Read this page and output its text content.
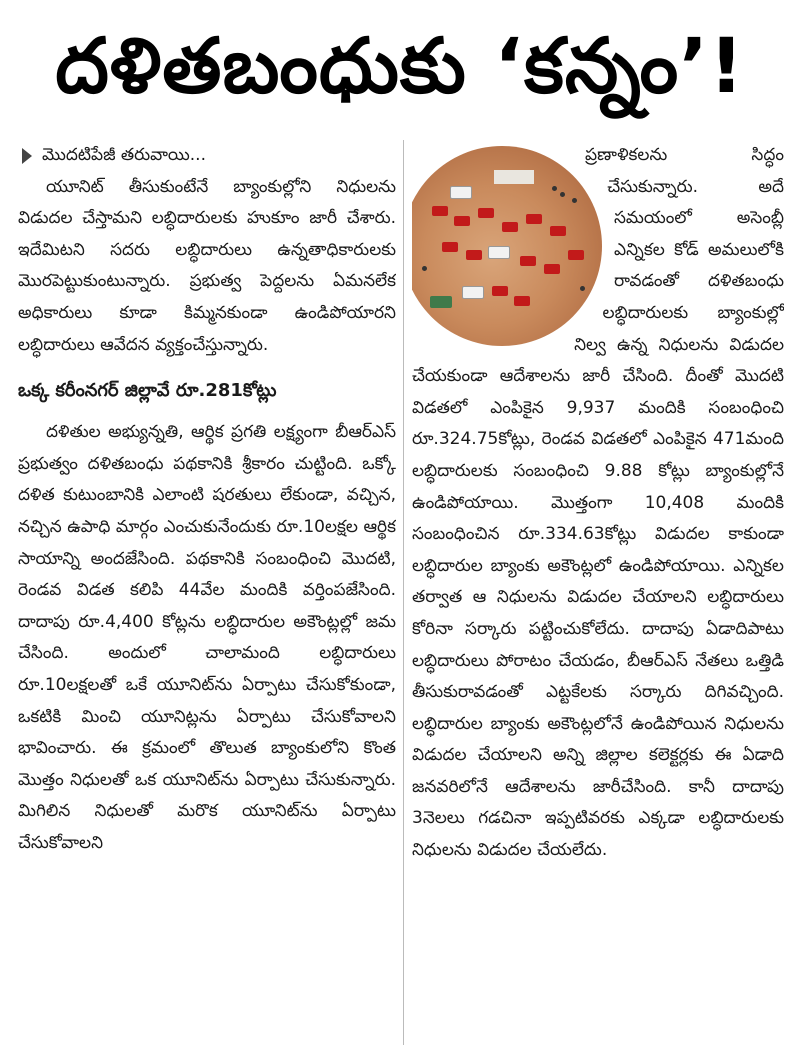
దళితబంధుకు ‘కన్నం’!
మొదటిపేజీ తరువాయి...

యూనిట్ తీసుకుంటేనే బ్యాంకుల్లోని నిధులను విడుదల చేస్తామని లబ్ధిదారులకు హుకూం జారీ చేశారు. ఇదేమిటని సదరు లబ్ధిదారులు ఉన్నతాధికారులకు మొరపెట్టుకుంటున్నారు. ప్రభుత్వ పెద్దలను ఏమనలేక అధికారులు కూడా కిమ్మనకుండా ఉండిపోయారని లబ్ధిదారులు ఆవేదన వ్యక్తంచేస్తున్నారు.

ఒక్క కరీంనగర్ జిల్లావే రూ.281కోట్లు

దళితుల అభ్యున్నతి, ఆర్థిక ప్రగతి లక్ష్యంగా బీఆర్ఎస్ ప్రభుత్వం దళితబంధు పథకానికి శ్రీకారం చుట్టింది. ఒక్కో దళిత కుటుంబానికి ఎలాంటి షరతులు లేకుండా, వచ్చిన, నచ్చిన ఉపాధి మార్గం ఎంచుకునేందుకు రూ.10లక్షల ఆర్థిక సాయాన్ని అందజేసింది. పథకానికి సంబంధించి మొదటి, రెండవ విడత కలిపి 44వేల మందికి వర్తింపజేసింది. దాదాపు రూ.4,400 కోట్లను లబ్ధిదారుల అకౌంట్లల్లో జమ చేసింది. అందులో చాలామంది లబ్ధిదారులు రూ.10లక్షలతో ఒకే యూనిట్‌ను ఏర్పాటు చేసుకోకుండా, ఒకటికి మించి యూనిట్లను ఏర్పాటు చేసుకోవాలని భావించారు. ఈ క్రమంలో తొలుత బ్యాంకులోని కొంత మొత్తం నిధులతో ఒక యూనిట్‌ను ఏర్పాటు చేసుకున్నారు. మిగిలిన నిధులతో మరొక యూనిట్‌ను ఏర్పాటు చేసుకోవాలని

ప్రణాళికలను సిద్ధం చేసుకున్నారు. అదే సమయంలో అసెంబ్లీ ఎన్నికల కోడ్ అమలులోకి రావడంతో దళితబంధు లబ్ధిదారులకు బ్యాంకుల్లో నిల్వ ఉన్న నిధులను విడుదల చేయకుండా ఆదేశాలను జారీ చేసింది. దీంతో మొదటి విడతలో ఎంపికైన 9,937 మందికి సంబంధించి రూ.324.75కోట్లు, రెండవ విడతలో ఎంపికైన 471మంది లబ్ధిదారులకు సంబంధించి 9.88 కోట్లు బ్యాంకుల్లోనే ఉండిపోయాయి. మొత్తంగా 10,408 మందికి సంబంధించిన రూ.334.63కోట్లు విడుదల కాకుండా లబ్ధిదారుల బ్యాంకు అకౌంట్లలో ఉండిపోయాయి. ఎన్నికల తర్వాత ఆ నిధులను విడుదల చేయాలని లబ్ధిదారులు కోరినా సర్కారు పట్టించుకోలేదు. దాదాపు ఏడాదిపాటు లబ్ధిదారులు పోరాటం చేయడం, బీఆర్ఎస్ నేతలు ఒత్తిడి తీసుకురావడంతో ఎట్టకేలకు సర్కారు దిగివచ్చింది. లబ్ధిదారుల బ్యాంకు అకౌంట్లలోనే ఉండిపోయిన నిధులను విడుదల చేయాలని అన్ని జిల్లాల కలెక్టర్లకు ఈ ఏడాది జనవరిలోనే ఆదేశాలను జారీచేసింది. కానీ దాదాపు 3నెలలు గడచినా ఇప్పటివరకు ఎక్కడా లబ్ధిదారులకు నిధులను విడుదల చేయలేదు.
